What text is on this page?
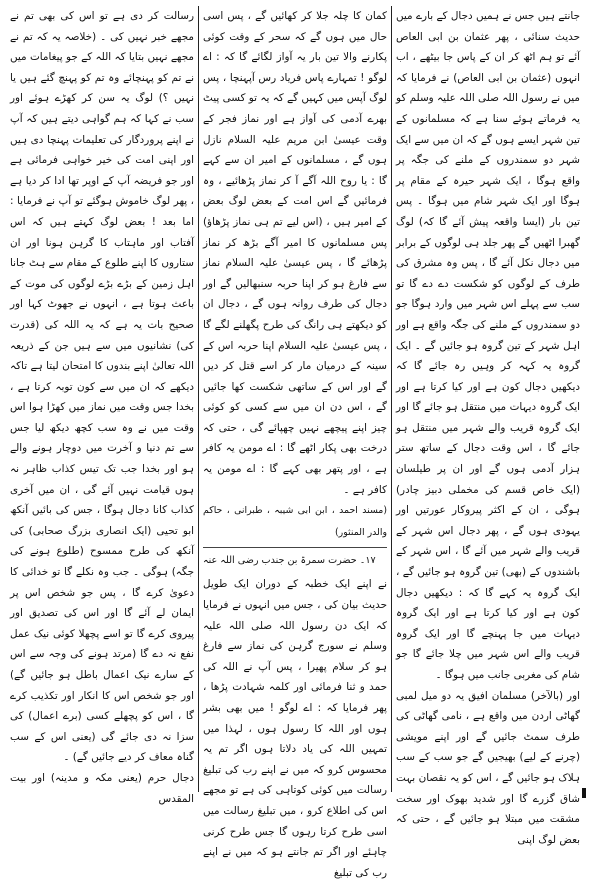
جانتے ہیں جس نے ہمیں دجال کے بارے میں حدیث سنائی ، پھر عثمان بن ابی العاص آئے تو ہم اٹھ کر ان کے پاس جا بیٹھے ، اب انہوں (عثمان بن ابی العاص) نے فرمایا کہ میں نے رسول اللہ صلی اللہ علیہ وسلم کو یہ فرماتے ہوئے سنا ہے کہ مسلمانوں کے تین شہر ایسے ہوں گے کہ ان میں سے ایک شہر دو سمندروں کے ملنے کی جگہ پر واقع ہوگا ، ایک شہر حیرہ کے مقام پر ہوگا اور ایک شہر شام میں ہوگا ۔ پس تین بار (ایسا واقعہ پیش آئے گا کہ) لوگ گھبرا اٹھیں گے پھر جلد ہی لوگوں کے برابر میں دجال نکل آئے گا ، پس وہ مشرق کی طرف کے لوگوں کو شکست دے دے گا تو سب سے پہلے اس شہر میں وارد ہوگا جو دو سمندروں کے ملنے کی جگہ واقع ہے اور اہل شہر کے تین گروہ ہو جائیں گے ۔ ایک گروہ یہ کہہ کر وہیں رہ جائے گا کہ دیکھیں دجال کون ہے اور کیا کرتا ہے اور ایک گروہ دیہات میں منتقل ہو جائے گا اور ایک گروہ قریب والے شہر میں منتقل ہو جائے گا ، اس وقت دجال کے ساتھ ستر ہزار آدمی ہوں گے اور ان پر طیلسان (ایک خاص قسم کی مخملی دبیز چادر) ہوگی ، ان کے اکثر پیروکار عورتیں اور یہودی ہوں گے ، پھر دجال اس شہر کے قریب والے شہر میں آئے گا ، اس شہر کے باشندوں کے (بھی) تین گروہ ہو جائیں گے ، ایک گروہ یہ کہے گا کہ : دیکھیں دجال کون ہے اور کیا کرتا ہے اور ایک گروہ دیہات میں جا پہنچے گا اور ایک گروہ قریب والے اس شہر میں چلا جائے گا جو شام کی مغربی جانب میں ہوگا ۔

اور (بالآخر) مسلمان افیق یہ دو میل لمبی گھاٹی اردن میں واقع ہے ، نامی گھاٹی کی طرف سمٹ جائیں گے اور اپنے مویشی (چرنے کے لیے) بھیجیں گے جو سب کے سب ہلاک ہو جائیں گے ، اس کو یہ نقصان بہت شاق گزرے گا اور شدید بھوک اور سخت مشقت میں مبتلا ہو جائیں گے ، حتی کہ بعض لوگ اپنی

کمان کا چلہ جلا کر کھائیں گے ، پس اسی حال میں ہوں گے کہ سحر کے وقت کوئی پکارنے والا تین بار یہ آواز لگائے گا کہ : اے لوگو ! تمہارے پاس فریاد رس آپہنچا ، پس لوگ آپس میں کہیں گے کہ یہ تو کسی پیٹ بھرے آدمی کی آواز ہے اور نماز فجر کے وقت عیسیٰ ابن مریم علیہ السلام نازل ہوں گے ، مسلمانوں کے امیر ان سے کہے گا : یا روح اللہ آگے آ کر نماز پڑھائیے ، وہ فرمائیں گے اس امت کے بعض لوگ بعض کے امیر ہیں ، (اس لیے تم ہی نماز پڑھاؤ) پس مسلمانوں کا امیر آگے بڑھ کر نماز پڑھائے گا ، پس عیسیٰ علیہ السلام نماز سے فارغ ہو کر اپنا حربہ سنبھالیں گے اور دجال کی طرف روانہ ہوں گے ، دجال ان کو دیکھتے ہی رانگ کی طرح پگھلنے لگے گا ، پس عیسیٰ علیہ السلام اپنا حربہ اس کے سینہ کے درمیان مار کر اسے قتل کر دیں گے اور اس کے ساتھی شکست کھا جائیں گے ، اس دن ان میں سے کسی کو کوئی چیز اپنے پیچھے نہیں چھپائے گی ، حتی کہ درخت بھی پکار اٹھے گا : اے مومن یہ کافر ہے ، اور پتھر بھی کہے گا : اے مومن یہ کافر ہے ۔

(مسند احمد ، ابن ابی شیبہ ، طبرانی ، حاکم والدر المنثور)
۱۷۔ حضرت سمرۃ بن جندب رضی اللہ عنہ

نے اپنے ایک خطبہ کے دوران ایک طویل حدیث بیان کی ، جس میں انہوں نے فرمایا کہ ایک دن رسول اللہ صلی اللہ علیہ وسلم نے سورج گرہن کی نماز سے فارغ ہو کر سلام پھیرا ، پس آپ نے اللہ کی حمد و ثنا فرمائی اور کلمہ شہادت پڑھا ، پھر فرمایا کہ : اے لوگو ! میں بھی بشر ہوں اور اللہ کا رسول ہوں ، لہذا میں تمہیں اللہ کی یاد دلاتا ہوں اگر تم یہ محسوس کرو کہ میں نے اپنے رب کی تبلیغ رسالت میں کوئی کوتاہی کی ہے تو مجھے اس کی اطلاع کرو ، میں تبلیغ رسالت میں اسی طرح کرتا رہوں گا جس طرح کرنی چاہئے اور اگر تم جانتے ہو کہ میں نے اپنے رب کی تبلیغ

رسالت کر دی ہے تو اس کی بھی تم نے مجھے خبر نہیں کی ۔ (خلاصہ یہ کہ تم نے مجھے نہیں بتایا کہ اللہ کے جو پیغامات میں نے تم کو پہنچائے وہ تم کو پہنچ گئے ہیں یا نہیں ؟) لوگ یہ سن کر کھڑے ہوئے اور سب نے کہا کہ ہم گواہی دیتے ہیں کہ آپ نے اپنے پروردگار کی تعلیمات پہنچا دی ہیں اور اپنی امت کی خیر خواہی فرمائی ہے اور جو فریضہ آپ کے اوپر تھا ادا کر دیا ہے ، پھر لوگ خاموش ہوگئے تو آپ نے فرمایا : اما بعد ! بعض لوگ کہتے ہیں کہ اس آفتاب اور ماہتاب کا گرہن ہونا اور ان ستاروں کا اپنے طلوع کے مقام سے ہٹ جانا اہل زمین کے بڑے بڑے لوگوں کی موت کے باعث ہوتا ہے ، انہوں نے جھوٹ کہا اور صحیح بات یہ ہے کہ یہ اللہ کی (قدرت کی) نشانیوں میں سے ہیں جن کے ذریعہ اللہ تعالیٰ اپنے بندوں کا امتحان لیتا ہے تاکہ دیکھے کہ ان میں سے کون توبہ کرتا ہے ، بخدا جس وقت میں نماز میں کھڑا ہوا اس وقت میں نے وہ سب کچھ دیکھ لیا جس سے تم دنیا و آخرت میں دوچار ہونے والے ہو اور بخدا جب تک تیس کذاب ظاہر نہ ہوں قیامت نہیں آئے گی ، ان میں آخری کذاب کانا دجال ہوگا ، جس کی بائیں آنکھ ابو تحیی (ایک انصاری بزرگ صحابی) کی آنکھ کی طرح ممسوح (طلوع ہونے کی جگہ) ہوگی ۔ جب وہ نکلے گا تو خدائی کا دعویٰ کرے گا ، پس جو شخص اس پر ایمان لے آئے گا اور اس کی تصدیق اور پیروی کرے گا تو اسے پچھلا کوئی نیک عمل نفع نہ دے گا (مرتد ہونے کی وجہ سے اس کے سارے نیک اعمال باطل ہو جائیں گے) اور جو شخص اس کا انکار اور تکذیب کرے گا ، اس کو پچھلے کسی (برے اعمال) کی سزا نہ دی جائے گی (یعنی اس کے سب گناہ معاف کر دیے جائیں گے) ۔

دجال حرم (یعنی مکہ و مدینہ) اور بیت المقدس
